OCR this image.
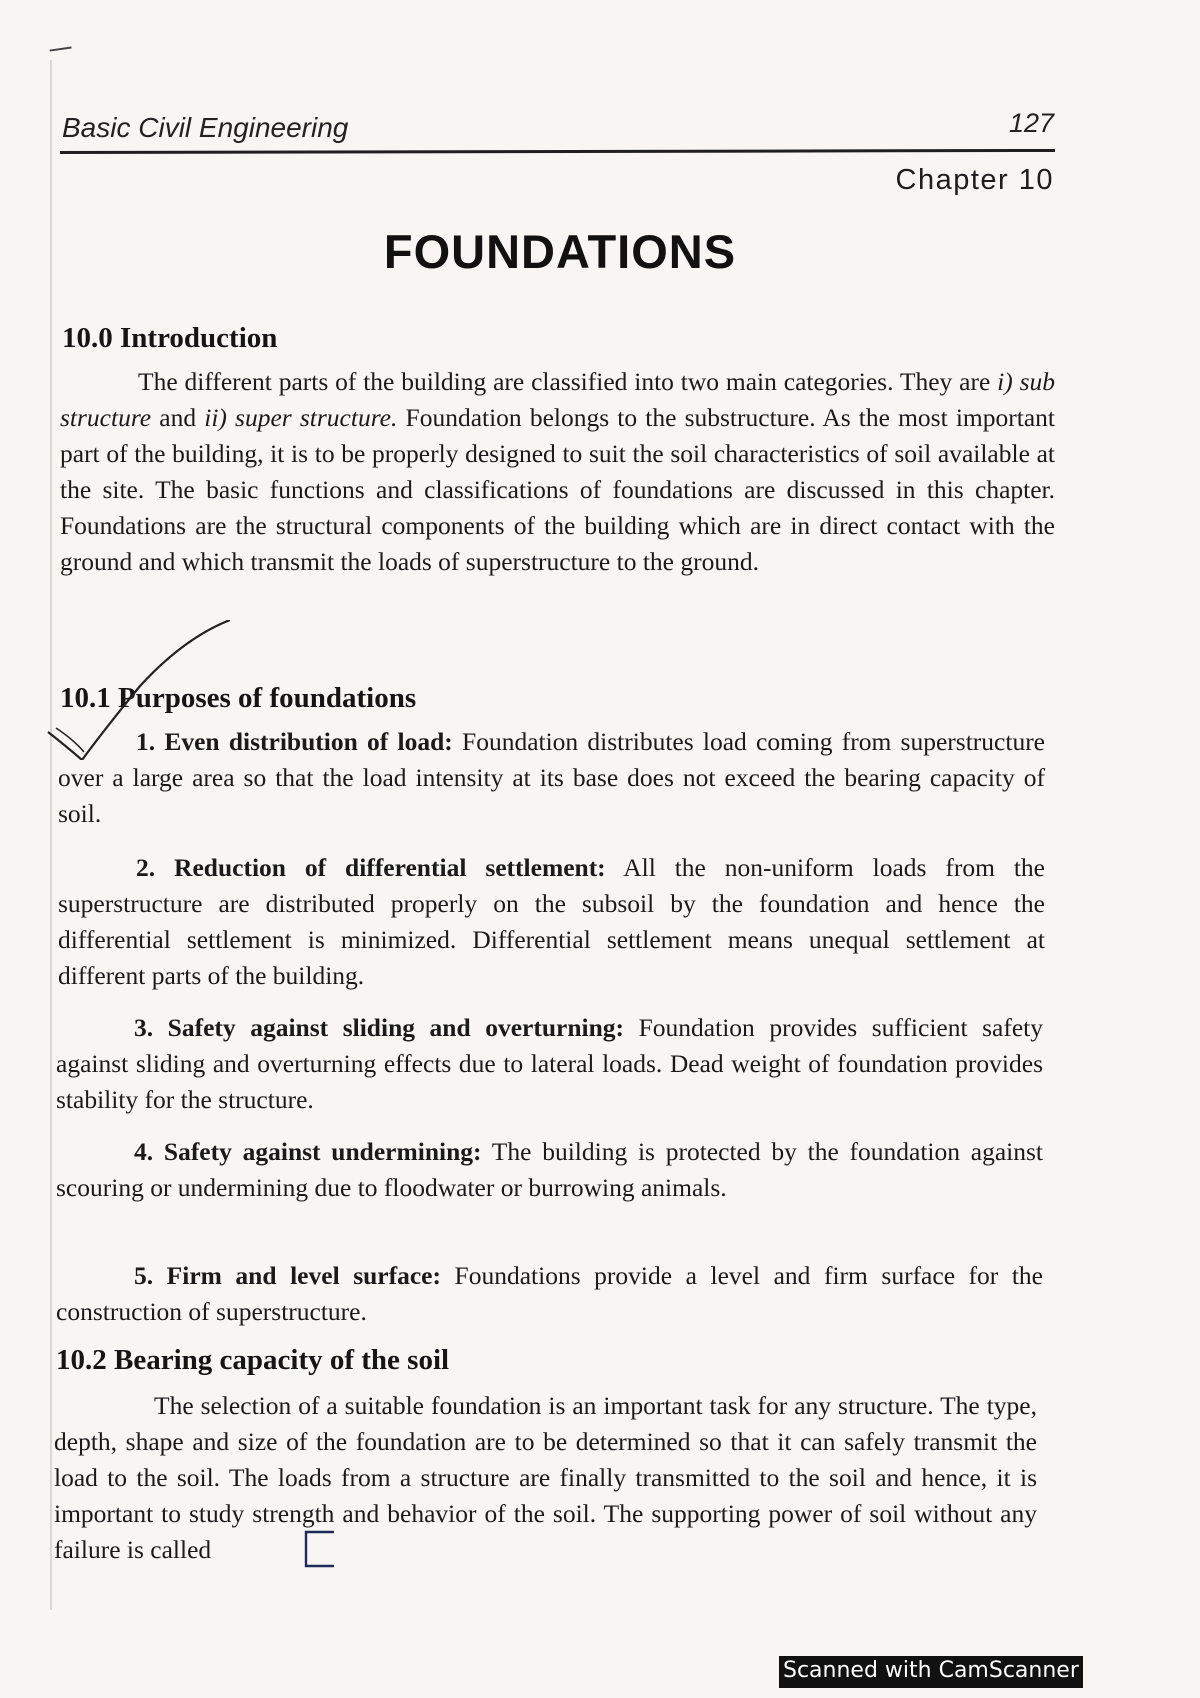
Basic Civil Engineering	127
Chapter 10
FOUNDATIONS
10.0 Introduction
The different parts of the building are classified into two main categories. They are i) sub structure and ii) super structure. Foundation belongs to the substructure. As the most important part of the building, it is to be properly designed to suit the soil characteristics of soil available at the site. The basic functions and classifications of foundations are discussed in this chapter. Foundations are the structural components of the building which are in direct contact with the ground and which transmit the loads of superstructure to the ground.
10.1 Purposes of foundations
1. Even distribution of load: Foundation distributes load coming from superstructure over a large area so that the load intensity at its base does not exceed the bearing capacity of soil.
2. Reduction of differential settlement: All the non-uniform loads from the superstructure are distributed properly on the subsoil by the foundation and hence the differential settlement is minimized. Differential settlement means unequal settlement at different parts of the building.
3. Safety against sliding and overturning: Foundation provides sufficient safety against sliding and overturning effects due to lateral loads. Dead weight of foundation provides stability for the structure.
4. Safety against undermining: The building is protected by the foundation against scouring or undermining due to floodwater or burrowing animals.
5. Firm and level surface: Foundations provide a level and firm surface for the construction of superstructure.
10.2 Bearing capacity of the soil
The selection of a suitable foundation is an important task for any structure. The type, depth, shape and size of the foundation are to be determined so that it can safely transmit the load to the soil. The loads from a structure are finally transmitted to the soil and hence, it is important to study strength and behavior of the soil. The supporting power of soil without any failure is called
Scanned with CamScanner
